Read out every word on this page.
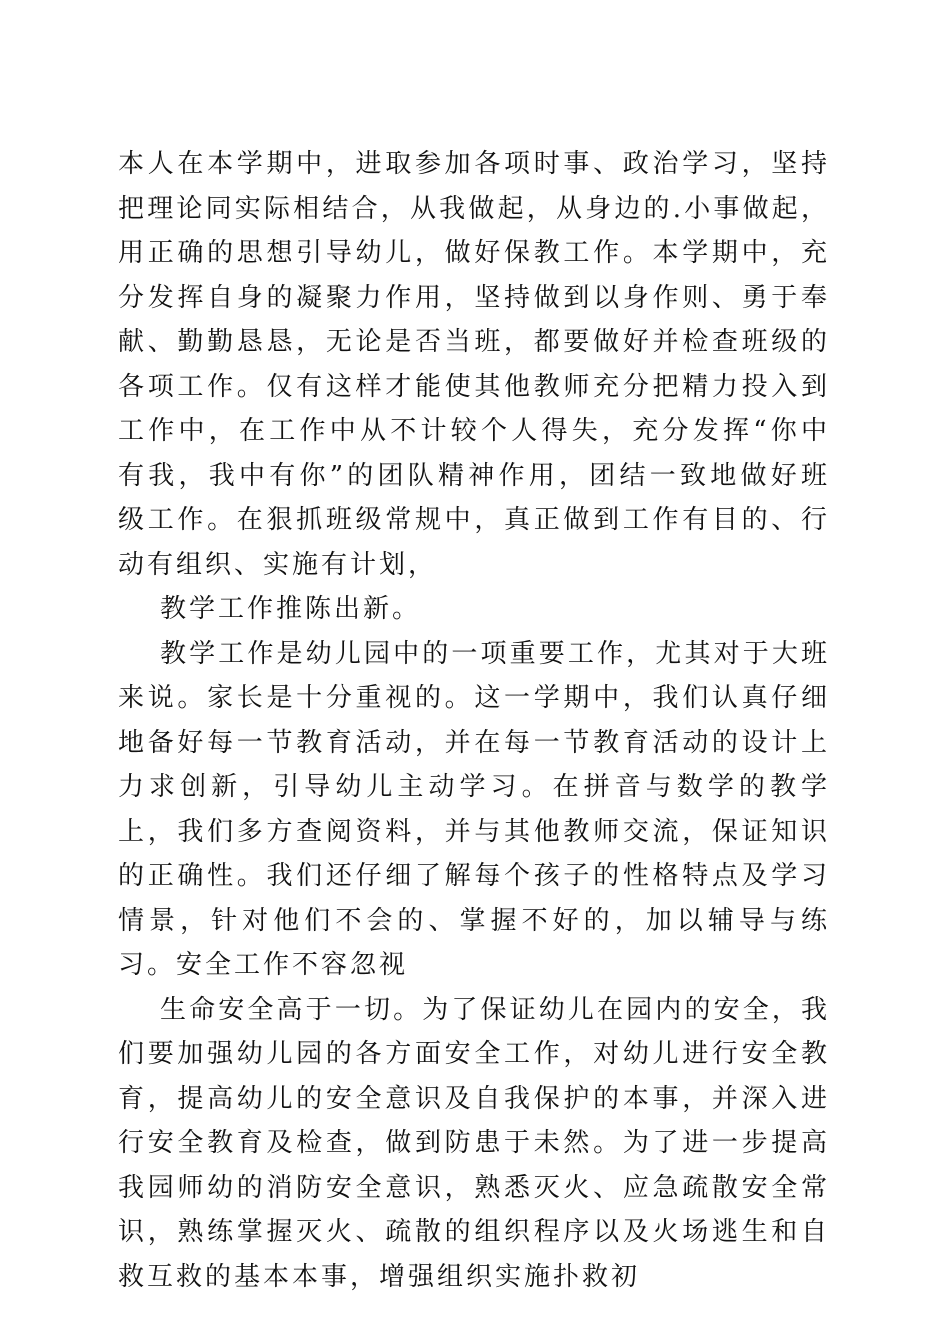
本人在本学期中，进取参加各项时事、政治学习，坚持把理论同实际相结合，从我做起，从身边的.小事做起，用正确的思想引导幼儿，做好保教工作。本学期中，充分发挥自身的凝聚力作用，坚持做到以身作则、勇于奉献、勤勤恳恳，无论是否当班，都要做好并检查班级的各项工作。仅有这样才能使其他教师充分把精力投入到工作中，在工作中从不计较个人得失，充分发挥“你中有我，我中有你”的团队精神作用，团结一致地做好班级工作。在狠抓班级常规中，真正做到工作有目的、行动有组织、实施有计划，

教学工作推陈出新。

教学工作是幼儿园中的一项重要工作，尤其对于大班来说。家长是十分重视的。这一学期中，我们认真仔细地备好每一节教育活动，并在每一节教育活动的设计上力求创新，引导幼儿主动学习。在拼音与数学的教学上，我们多方查阅资料，并与其他教师交流，保证知识的正确性。我们还仔细了解每个孩子的性格特点及学习情景，针对他们不会的、掌握不好的，加以辅导与练习。安全工作不容忽视

生命安全高于一切。为了保证幼儿在园内的安全，我们要加强幼儿园的各方面安全工作，对幼儿进行安全教育，提高幼儿的安全意识及自我保护的本事，并深入进行安全教育及检查，做到防患于未然。为了进一步提高我园师幼的消防安全意识，熟悉灭火、应急疏散安全常识，熟练掌握灭火、疏散的组织程序以及火场逃生和自救互救的基本本事，增强组织实施扑救初
